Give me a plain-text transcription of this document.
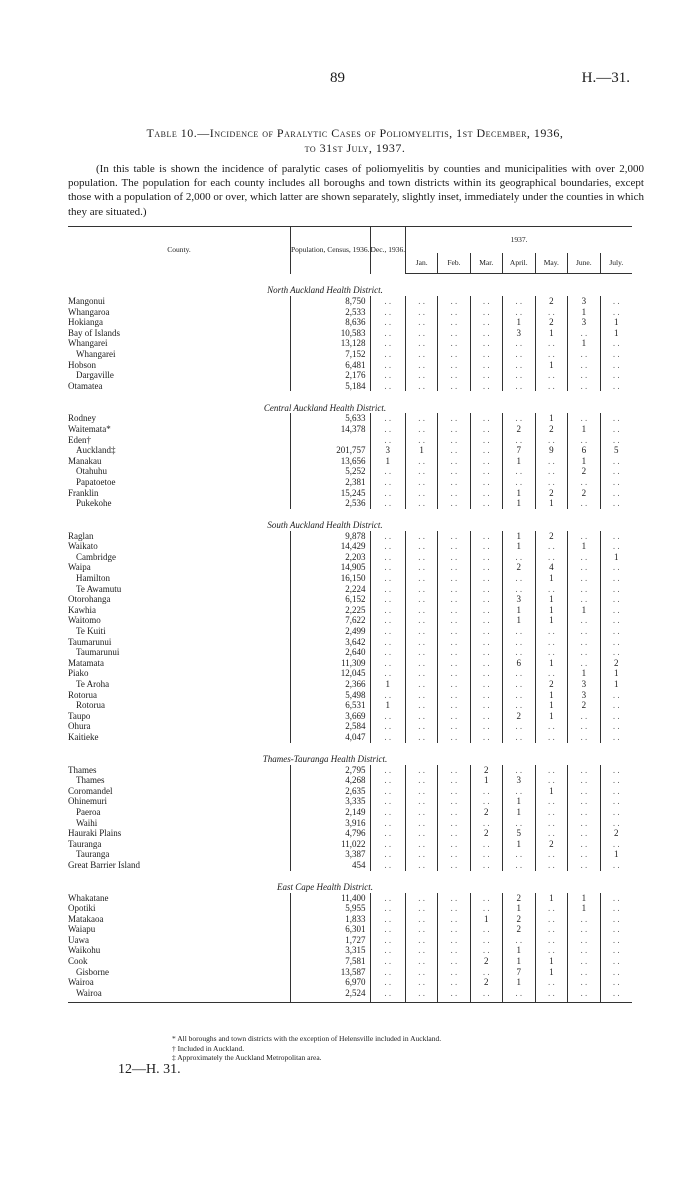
89	H.—31.
Table 10.—Incidence of Paralytic Cases of Poliomyelitis, 1st December, 1936,
to 31st July, 1937.
(In this table is shown the incidence of paralytic cases of poliomyelitis by counties and municipalities with over 2,000 population. The population for each county includes all boroughs and town districts within its geographical boundaries, except those with a population of 2,000 or over, which latter are shown separately, slightly inset, immediately under the counties in which they are situated.)
County.	Population, Census, 1936.	Dec., 1936.	1937.						
			Jan.	Feb.	Mar.	April.	May.	June.	July.
North Auckland Health District.									
Mangonui	8,750	. .	. .	. .	. .	. .	2	3	. .
Whangaroa	2,533	. .	. .	. .	. .	. .	. .	1	. .
Hokianga	8,636	. .	. .	. .	. .	1	2	3	1
Bay of Islands	10,583	. .	. .	. .	. .	3	1	. .	1
Whangarei	13,128	. .	. .	. .	. .	. .	. .	1	. .
Whangarei	7,152	. .	. .	. .	. .	. .	. .	. .	. .
Hobson	6,481	. .	. .	. .	. .	. .	1	. .	. .
Dargaville	2,176	. .	. .	. .	. .	. .	. .	. .	. .
Otamatea	5,184	. .	. .	. .	. .	. .	. .	. .	. .
Central Auckland Health District.									
Rodney	5,633	. .	. .	. .	. .	. .	1	. .	. .
Waitemata*	14,378	. .	. .	. .	. .	2	2	1	. .
Eden†		. .	. .	. .	. .	. .	. .	. .	. .
Auckland‡	201,757	3	1	. .	. .	7	9	6	5
Manakau	13,656	1	. .	. .	. .	1	. .	1	. .
Otahuhu	5,252	. .	. .	. .	. .	. .	. .	2	. .
Papatoetoe	2,381	. .	. .	. .	. .	. .	. .	. .	. .
Franklin	15,245	. .	. .	. .	. .	1	2	2	. .
Pukekohe	2,536	. .	. .	. .	. .	1	1	. .	. .
South Auckland Health District.									
Raglan	9,878	. .	. .	. .	. .	1	2	. .	. .
Waikato	14,429	. .	. .	. .	. .	1	. .	1	. .
Cambridge	2,203	. .	. .	. .	. .	. .	. .	. .	1
Waipa	14,905	. .	. .	. .	. .	2	4	. .	. .
Hamilton	16,150	. .	. .	. .	. .	. .	1	. .	. .
Te Awamutu	2,224	. .	. .	. .	. .	. .	. .	. .	. .
Otorohanga	6,152	. .	. .	. .	. .	3	1	. .	. .
Kawhia	2,225	. .	. .	. .	. .	1	1	1	. .
Waitomo	7,622	. .	. .	. .	. .	1	1	. .	. .
Te Kuiti	2,499	. .	. .	. .	. .	. .	. .	. .	. .
Taumarunui	3,642	. .	. .	. .	. .	. .	. .	. .	. .
Taumarunui	2,640	. .	. .	. .	. .	. .	. .	. .	. .
Matamata	11,309	. .	. .	. .	. .	6	1	. .	2
Piako	12,045	. .	. .	. .	. .	. .	. .	1	1
Te Aroha	2,366	1	. .	. .	. .	. .	2	3	1
Rotorua	5,498	. .	. .	. .	. .	. .	1	3	. .
Rotorua	6,531	1	. .	. .	. .	. .	1	2	. .
Taupo	3,669	. .	. .	. .	. .	2	1	. .	. .
Ohura	2,584	. .	. .	. .	. .	. .	. .	. .	. .
Kaitieke	4,047	. .	. .	. .	. .	. .	. .	. .	. .
Thames-Tauranga Health District.									
Thames	2,795	. .	. .	. .	2	. .	. .	. .	. .
Thames	4,268	. .	. .	. .	1	3	. .	. .	. .
Coromandel	2,635	. .	. .	. .	. .	. .	1	. .	. .
Ohinemuri	3,335	. .	. .	. .	. .	1	. .	. .	. .
Paeroa	2,149	. .	. .	. .	2	1	. .	. .	. .
Waihi	3,916	. .	. .	. .	. .	. .	. .	. .	. .
Hauraki Plains	4,796	. .	. .	. .	2	5	. .	. .	2
Tauranga	11,022	. .	. .	. .	. .	1	2	. .	. .
Tauranga	3,387	. .	. .	. .	. .	. .	. .	. .	1
Great Barrier Island	454	. .	. .	. .	. .	. .	. .	. .	. .
East Cape Health District.									
Whakatane	11,400	. .	. .	. .	. .	2	1	1	. .
Opotiki	5,955	. .	. .	. .	. .	1	. .	1	. .
Matakaoa	1,833	. .	. .	. .	1	2	. .	. .	. .
Waiapu	6,301	. .	. .	. .	. .	2	. .	. .	. .
Uawa	1,727	. .	. .	. .	. .	. .	. .	. .	. .
Waikohu	3,315	. .	. .	. .	. .	1	. .	. .	. .
Cook	7,581	. .	. .	. .	2	1	1	. .	. .
Gisborne	13,587	. .	. .	. .	. .	7	1	. .	. .
Wairoa	6,970	. .	. .	. .	2	1	. .	. .	. .
Wairoa	2,524	. .	. .	. .	. .	. .	. .	. .	. .

* All boroughs and town districts with the exception of Helensville included in Auckland.
† Included in Auckland.
‡ Approximately the Auckland Metropolitan area.
12—H. 31.
